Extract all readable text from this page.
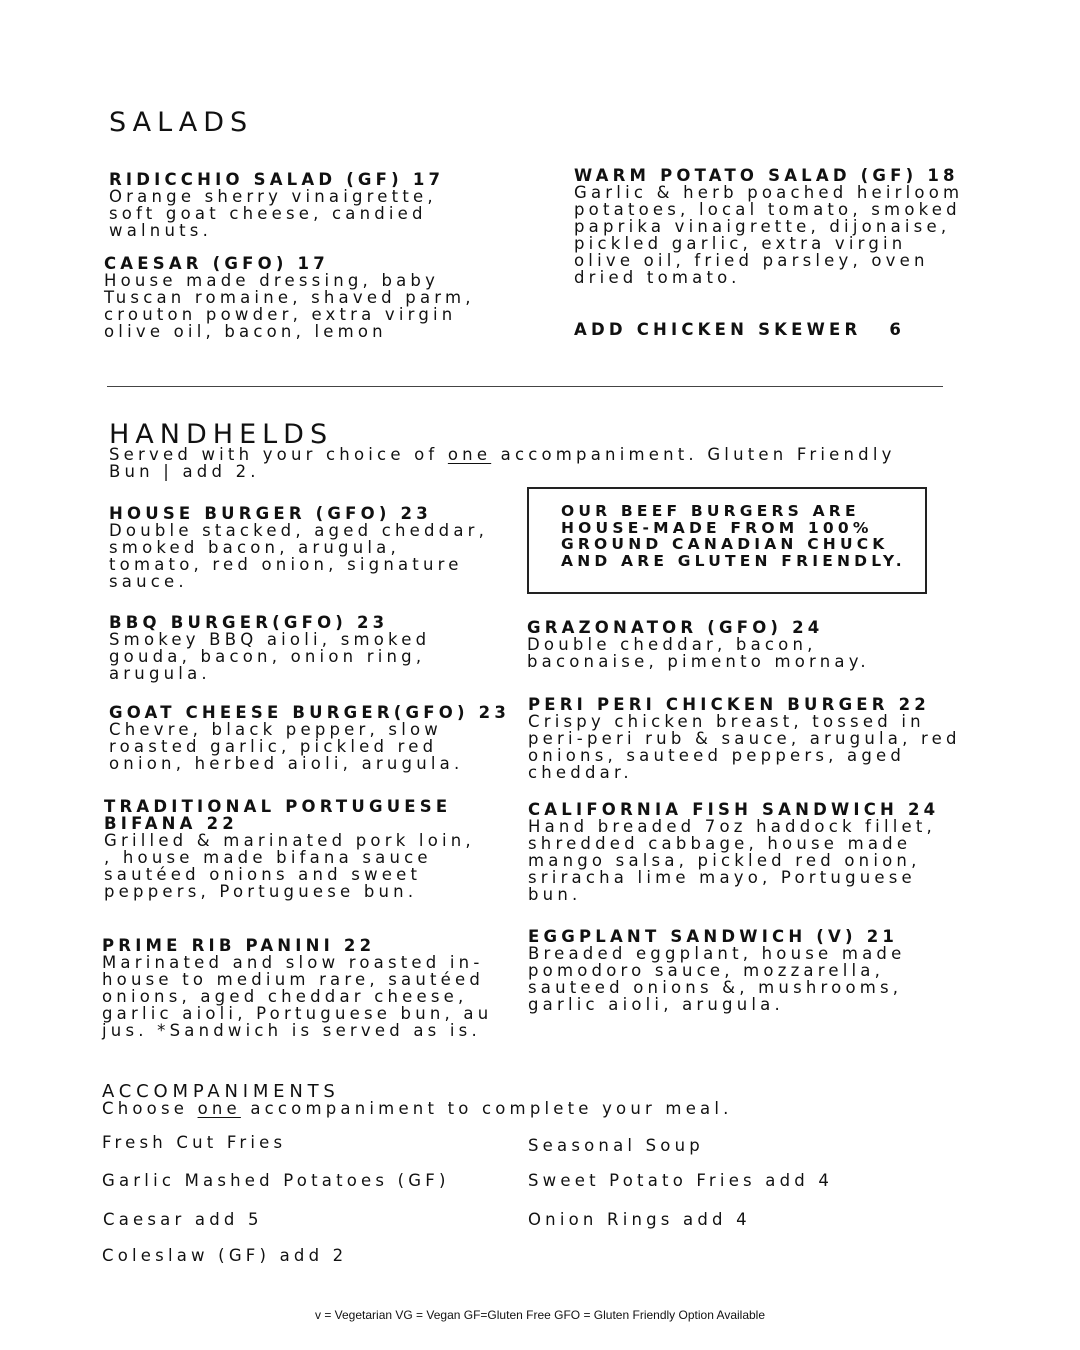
SALADS
RIDICCHIO SALAD (GF) 17
Orange sherry vinaigrette, soft goat cheese, candied walnuts.
CAESAR (GFO) 17
House made dressing, baby Tuscan romaine, shaved parm, crouton powder, extra virgin olive oil, bacon, lemon
WARM POTATO SALAD (GF) 18
Garlic & herb poached heirloom potatoes, local tomato, smoked paprika vinaigrette, dijonaise, pickled garlic, extra virgin olive oil, fried parsley, oven dried tomato.
ADD CHICKEN SKEWER 6
HANDHELDS
Served with your choice of one accompaniment. Gluten Friendly Bun | add 2.
OUR BEEF BURGERS ARE HOUSE-MADE FROM 100% GROUND CANADIAN CHUCK AND ARE GLUTEN FRIENDLY.
HOUSE BURGER (GFO) 23
Double stacked, aged cheddar, smoked bacon, arugula, tomato, red onion, signature sauce.
BBQ BURGER(GFO) 23
Smokey BBQ aioli, smoked gouda, bacon, onion ring, arugula.
GOAT CHEESE BURGER(GFO) 23
Chevre, black pepper, slow roasted garlic, pickled red onion, herbed aioli, arugula.
TRADITIONAL PORTUGUESE BIFANA 22
Grilled & marinated pork loin, , house made bifana sauce sautéed onions and sweet peppers, Portuguese bun.
PRIME RIB PANINI 22
Marinated and slow roasted in-house to medium rare, sautéed onions, aged cheddar cheese, garlic aioli, Portuguese bun, au jus. *Sandwich is served as is.
GRAZONATOR (GFO) 24
Double cheddar, bacon, baconaise, pimento mornay.
PERI PERI CHICKEN BURGER 22
Crispy chicken breast, tossed in peri-peri rub & sauce, arugula, red onions, sauteed peppers, aged cheddar.
CALIFORNIA FISH SANDWICH 24
Hand breaded 7oz haddock fillet, shredded cabbage, house made mango salsa, pickled red onion, sriracha lime mayo, Portuguese bun.
EGGPLANT SANDWICH (V) 21
Breaded eggplant, house made pomodoro sauce, mozzarella, sauteed onions &, mushrooms, garlic aioli, arugula.
ACCOMPANIMENTS
Choose one accompaniment to complete your meal.
Fresh Cut Fries
Garlic Mashed Potatoes (GF)
Caesar add 5
Coleslaw (GF) add 2
Seasonal Soup
Sweet Potato Fries add 4
Onion Rings add 4
v = Vegetarian VG = Vegan GF=Gluten Free GFO = Gluten Friendly Option Available
